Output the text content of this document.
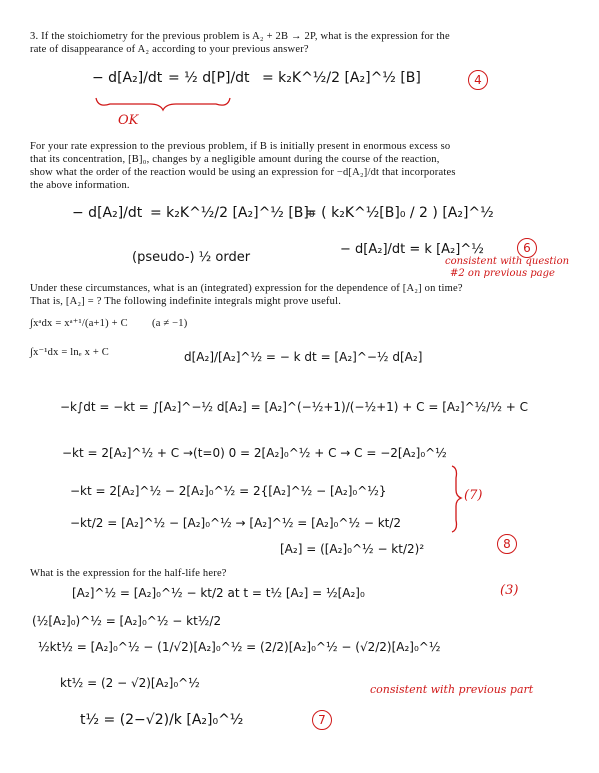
3. If the stoichiometry for the previous problem is A₂ + 2B → 2P, what is the expression for the
rate of disappearance of A₂ according to your previous answer?
− d[A₂]/dt = ½ d[P]/dt = k₂K^½/2 [A₂]^½ [B]	4
OK
For your rate expression to the previous problem, if B is initially present in enormous excess so
that its concentration, [B]₀, changes by a negligible amount during the course of the reaction,
show what the order of the reaction would be using an expression for −d[A₂]/dt that incorporates
the above information.
− d[A₂]/dt = k₂K^½/2 [A₂]^½ [B]₀
= ( k₂K^½[B]₀ / 2 ) [A₂]^½
(pseudo-) ½ order
− d[A₂]/dt = k [A₂]^½	6
consistent with question
#2 on previous page
Under these circumstances, what is an (integrated) expression for the dependence of [A₂] on time?
That is, [A₂] = ? The following indefinite integrals might prove useful.
∫xᵃdx = xᵃ⁺¹/(a+1) + C (a ≠ −1)
∫x⁻¹dx = lnₑ x + C	d[A₂]/[A₂]^½ = − k dt = [A₂]^−½ d[A₂]
−k∫dt = −kt = ∫[A₂]^−½ d[A₂] = [A₂]^(−½+1)/(−½+1) + C = [A₂]^½/½ + C
−kt = 2[A₂]^½ + C →(t=0) 0 = 2[A₂]₀^½ + C → C = −2[A₂]₀^½
−kt = 2[A₂]^½ − 2[A₂]₀^½ = 2{[A₂]^½ − [A₂]₀^½}
−kt/2 = [A₂]^½ − [A₂]₀^½ → [A₂]^½ = [A₂]₀^½ − kt/2
[A₂] = ([A₂]₀^½ − kt/2)²
(7)
8
What is the expression for the half-life here?
[A₂]^½ = [A₂]₀^½ − kt/2 at t = t½ [A₂] = ½[A₂]₀	(3)
(½[A₂]₀)^½ = [A₂]₀^½ − kt½/2
½kt½ = [A₂]₀^½ − (1/√2)[A₂]₀^½ = (2/2)[A₂]₀^½ − (√2/2)[A₂]₀^½
kt½ = (2 − √2)[A₂]₀^½	consistent with previous part
t½ = (2−√2)/k [A₂]₀^½	7
